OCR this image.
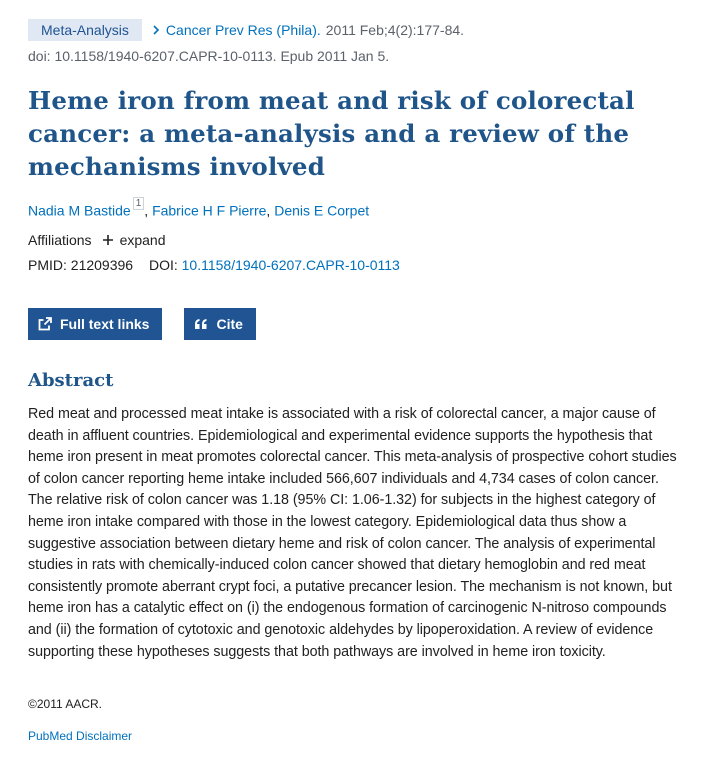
Meta-Analysis	Cancer Prev Res (Phila). 2011 Feb;4(2):177-84.
doi: 10.1158/1940-6207.CAPR-10-0113. Epub 2011 Jan 5.
Heme iron from meat and risk of colorectal cancer: a meta-analysis and a review of the mechanisms involved
Nadia M Bastide $^1$ , Fabrice H F Pierre, Denis E Corpet
Affiliations expand
PMID: 21209396 DOI: 10.1158/1940-6207.CAPR-10-0113
Full text links	Cite
Abstract

Red meat and processed meat intake is associated with a risk of colorectal cancer, a major cause of death in affluent countries. Epidemiological and experimental evidence supports the hypothesis that heme iron present in meat promotes colorectal cancer. This meta-analysis of prospective cohort studies of colon cancer reporting heme intake included 566,607 individuals and 4,734 cases of colon cancer. The relative risk of colon cancer was 1.18 (95% CI: 1.06-1.32) for subjects in the highest category of heme iron intake compared with those in the lowest category. Epidemiological data thus show a suggestive association between dietary heme and risk of colon cancer. The analysis of experimental studies in rats with chemically-induced colon cancer showed that dietary hemoglobin and red meat consistently promote aberrant crypt foci, a putative precancer lesion. The mechanism is not known, but heme iron has a catalytic effect on (i) the endogenous formation of carcinogenic N-nitroso compounds and (ii) the formation of cytotoxic and genotoxic aldehydes by lipoperoxidation. A review of evidence supporting these hypotheses suggests that both pathways are involved in heme iron toxicity.

©2011 AACR.
PubMed Disclaimer
